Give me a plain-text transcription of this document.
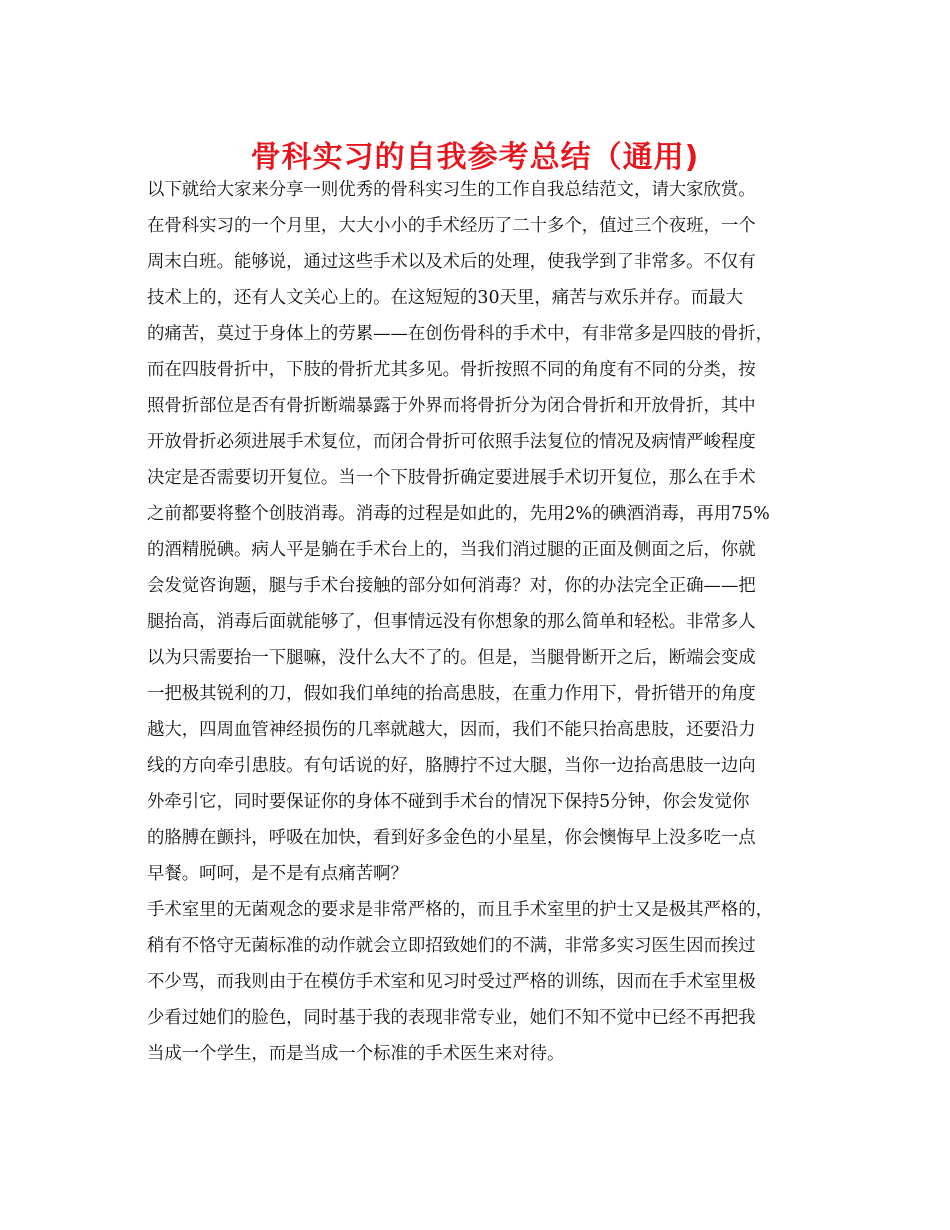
骨科实习的自我参考总结（通用)

以下就给大家来分享一则优秀的骨科实习生的工作自我总结范文，请大家欣赏。

在骨科实习的一个月里，大大小小的手术经历了二十多个，值过三个夜班，一个

周末白班。能够说，通过这些手术以及术后的处理，使我学到了非常多。不仅有

技术上的，还有人文关心上的。在这短短的30天里，痛苦与欢乐并存。而最大

的痛苦，莫过于身体上的劳累——在创伤骨科的手术中，有非常多是四肢的骨折，

而在四肢骨折中，下肢的骨折尤其多见。骨折按照不同的角度有不同的分类，按

照骨折部位是否有骨折断端暴露于外界而将骨折分为闭合骨折和开放骨折，其中

开放骨折必须进展手术复位，而闭合骨折可依照手法复位的情况及病情严峻程度

决定是否需要切开复位。当一个下肢骨折确定要进展手术切开复位，那么在手术

之前都要将整个创肢消毒。消毒的过程是如此的，先用2%的碘酒消毒，再用75%

的酒精脱碘。病人平是躺在手术台上的，当我们消过腿的正面及侧面之后，你就

会发觉咨询题，腿与手术台接触的部分如何消毒？对，你的办法完全正确——把

腿抬高，消毒后面就能够了，但事情远没有你想象的那么简单和轻松。非常多人

以为只需要抬一下腿嘛，没什么大不了的。但是，当腿骨断开之后，断端会变成

一把极其锐利的刀，假如我们单纯的抬高患肢，在重力作用下，骨折错开的角度

越大，四周血管神经损伤的几率就越大，因而，我们不能只抬高患肢，还要沿力

线的方向牵引患肢。有句话说的好，胳膊拧不过大腿，当你一边抬高患肢一边向

外牵引它，同时要保证你的身体不碰到手术台的情况下保持5分钟，你会发觉你

的胳膊在颤抖，呼吸在加快，看到好多金色的小星星，你会懊悔早上没多吃一点

早餐。呵呵，是不是有点痛苦啊？

手术室里的无菌观念的要求是非常严格的，而且手术室里的护士又是极其严格的，

稍有不恪守无菌标准的动作就会立即招致她们的不满，非常多实习医生因而挨过

不少骂，而我则由于在模仿手术室和见习时受过严格的训练，因而在手术室里极

少看过她们的脸色，同时基于我的表现非常专业，她们不知不觉中已经不再把我

当成一个学生，而是当成一个标准的手术医生来对待。
